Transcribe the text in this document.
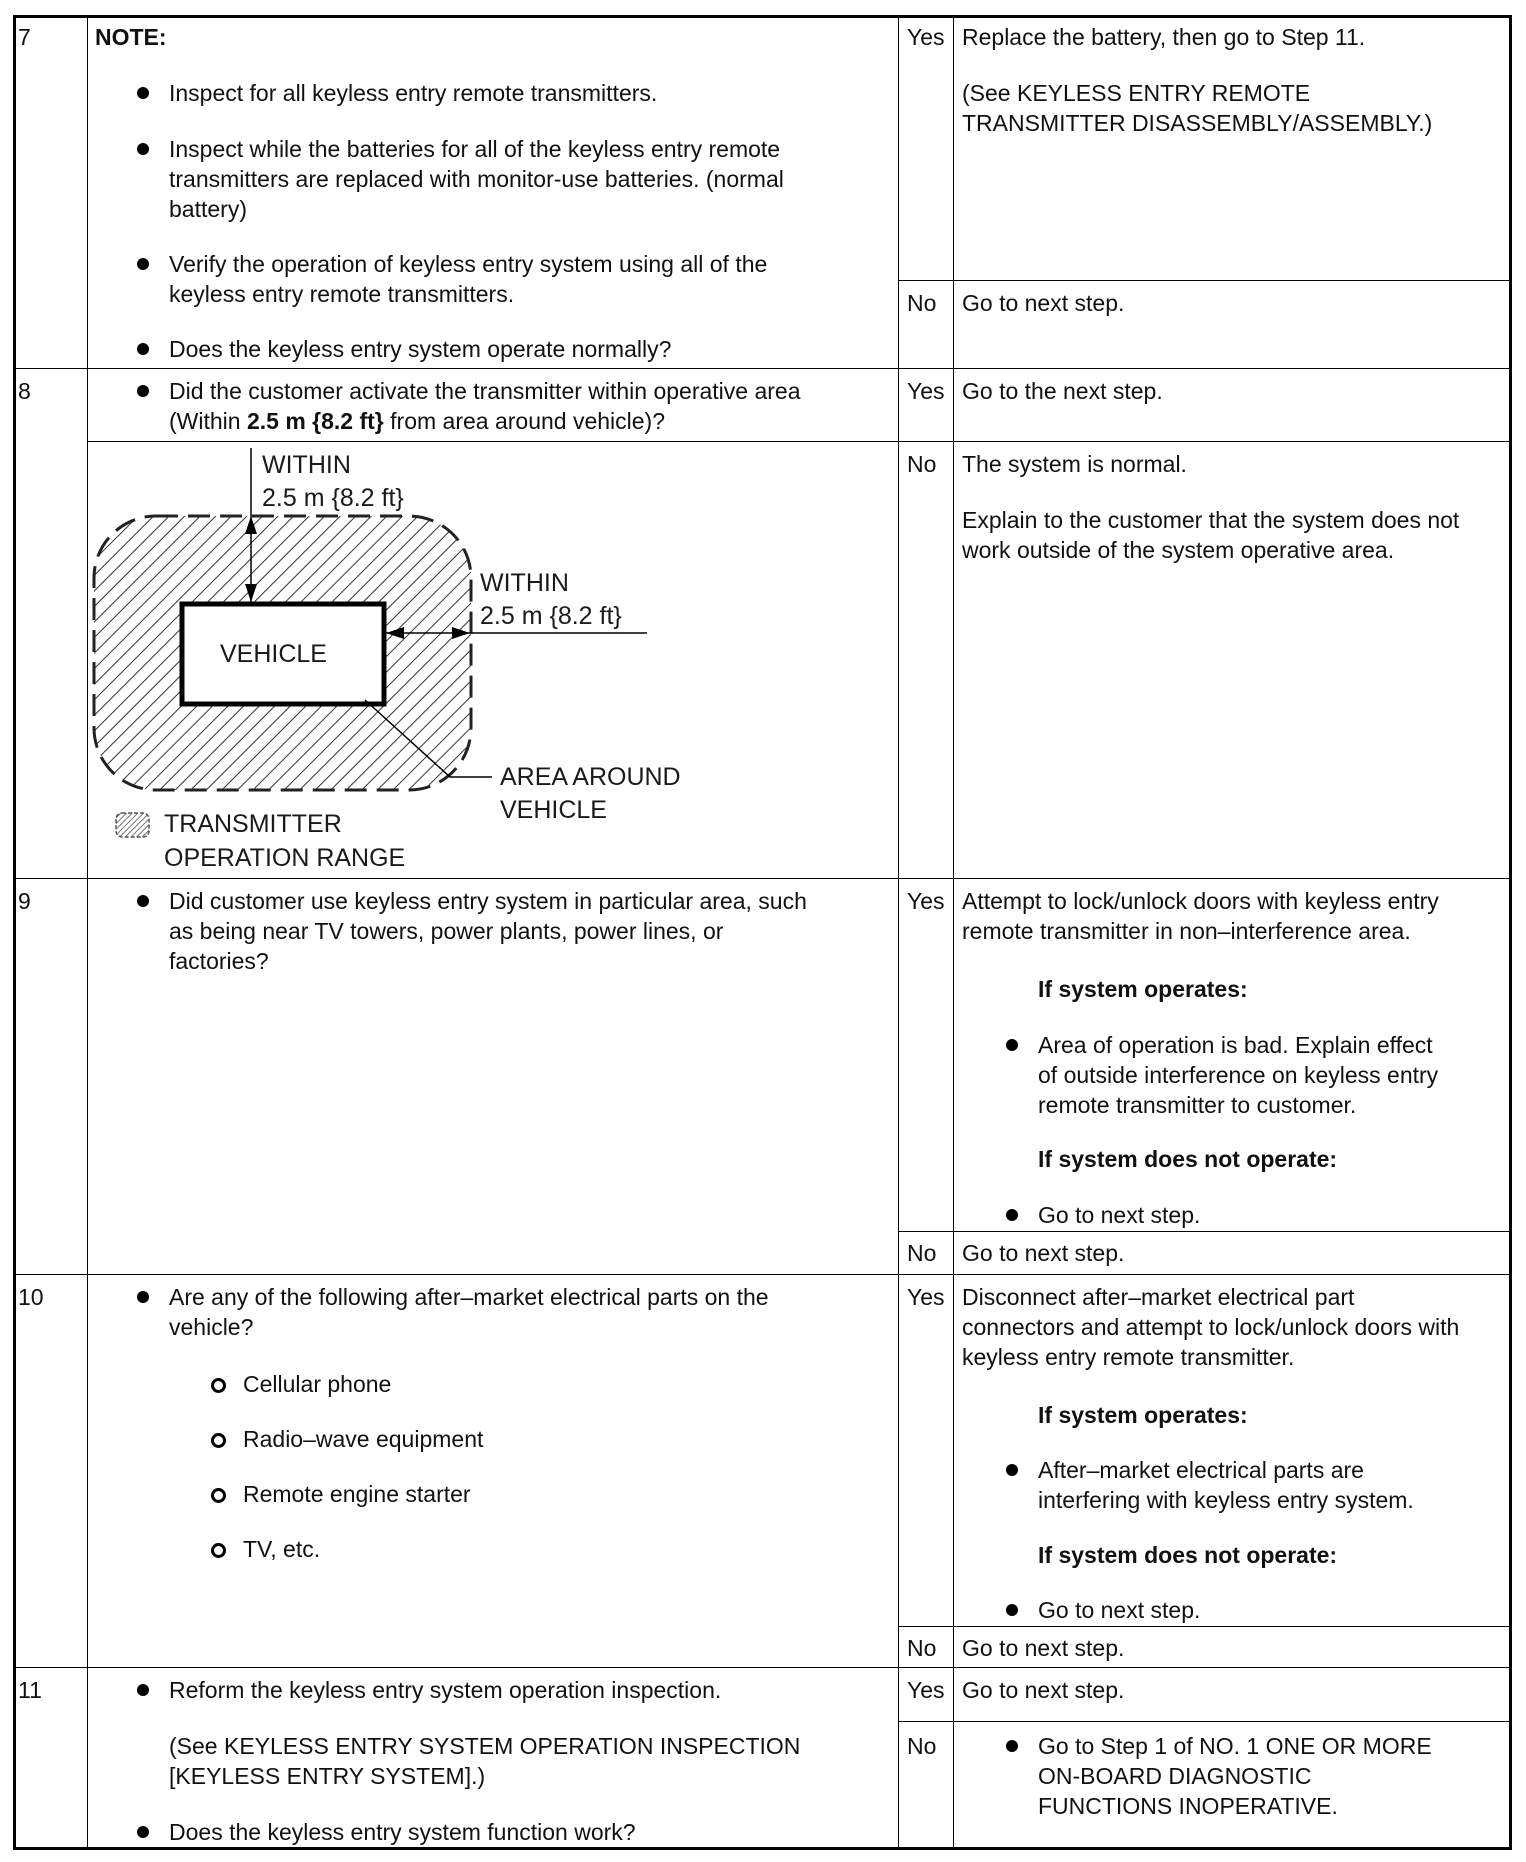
7	NOTE:
Inspect for all keyless entry remote transmitters.
Inspect while the batteries for all of the keyless entry remote
transmitters are replaced with monitor-use batteries. (normal
battery)
Verify the operation of keyless entry system using all of the
keyless entry remote transmitters.
Does the keyless entry system operate normally?
Yes Replace the battery, then go to Step 11.
(See KEYLESS ENTRY REMOTE
TRANSMITTER DISASSEMBLY/ASSEMBLY.)
No Go to next step.
8	Did the customer activate the transmitter within operative area
(Within 2.5 m {8.2 ft} from area around vehicle)?
Yes Go to the next step.
No The system is normal.
Explain to the customer that the system does not
work outside of the system operative area.
WITHIN
2.5 m {8.2 ft}
WITHIN
2.5 m {8.2 ft}
VEHICLE
AREA AROUND
VEHICLE
TRANSMITTER
OPERATION RANGE
9	Did customer use keyless entry system in particular area, such
as being near TV towers, power plants, power lines, or
factories?
Yes Attempt to lock/unlock doors with keyless entry
remote transmitter in non–interference area.
If system operates:
Area of operation is bad. Explain effect
of outside interference on keyless entry
remote transmitter to customer.
If system does not operate:
Go to next step.
No Go to next step.
10	Are any of the following after–market electrical parts on the
vehicle?
Cellular phone
Radio–wave equipment
Remote engine starter
TV, etc.
Yes Disconnect after–market electrical part
connectors and attempt to lock/unlock doors with
keyless entry remote transmitter.
If system operates:
After–market electrical parts are
interfering with keyless entry system.
If system does not operate:
Go to next step.
No Go to next step.
11	Reform the keyless entry system operation inspection.
(See KEYLESS ENTRY SYSTEM OPERATION INSPECTION
[KEYLESS ENTRY SYSTEM].)
Does the keyless entry system function work?
Yes Go to next step.
No	Go to Step 1 of NO. 1 ONE OR MORE
ON-BOARD DIAGNOSTIC
FUNCTIONS INOPERATIVE.
